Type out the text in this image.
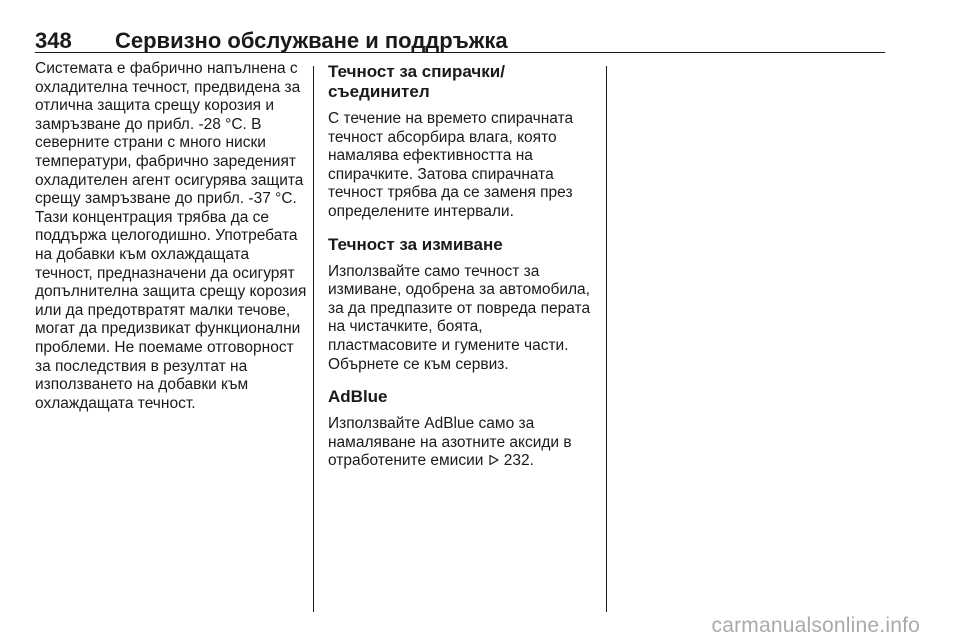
348 Сервизно обслужване и поддръжка

Системата е фабрично напълнена с охладителна течност, предвидена за отлична защита срещу корозия и замръзване до прибл. -28 °C. В северните страни с много ниски температури, фабрично зареденият охладителен агент осигурява защита срещу замръзване до прибл. -37 °C. Тази концентрация трябва да се поддържа целогодишно. Употребата на добавки към охлаждащата течност, предназначени да осигурят допълнителна защита срещу корозия или да предотвратят малки течове, могат да предизвикат функционални проблеми. Не поемаме отговорност за последствия в резултат на използването на добавки към охлаждащата течност.

Течност за спирачки/ съединител

С течение на времето спирачната течност абсорбира влага, която намалява ефективността на спирачките. Затова спирачната течност трябва да се заменя през определените интервали.

Течност за измиване

Използвайте само течност за измиване, одобрена за автомобила, за да предпазите от повреда перата на чистачките, боята, пластмасовите и гумените части. Обърнете се към сервиз.

AdBlue

Използвайте AdBlue само за намаляване на азотните аксиди в отработените емисии 232.

carmanualsonline.info
